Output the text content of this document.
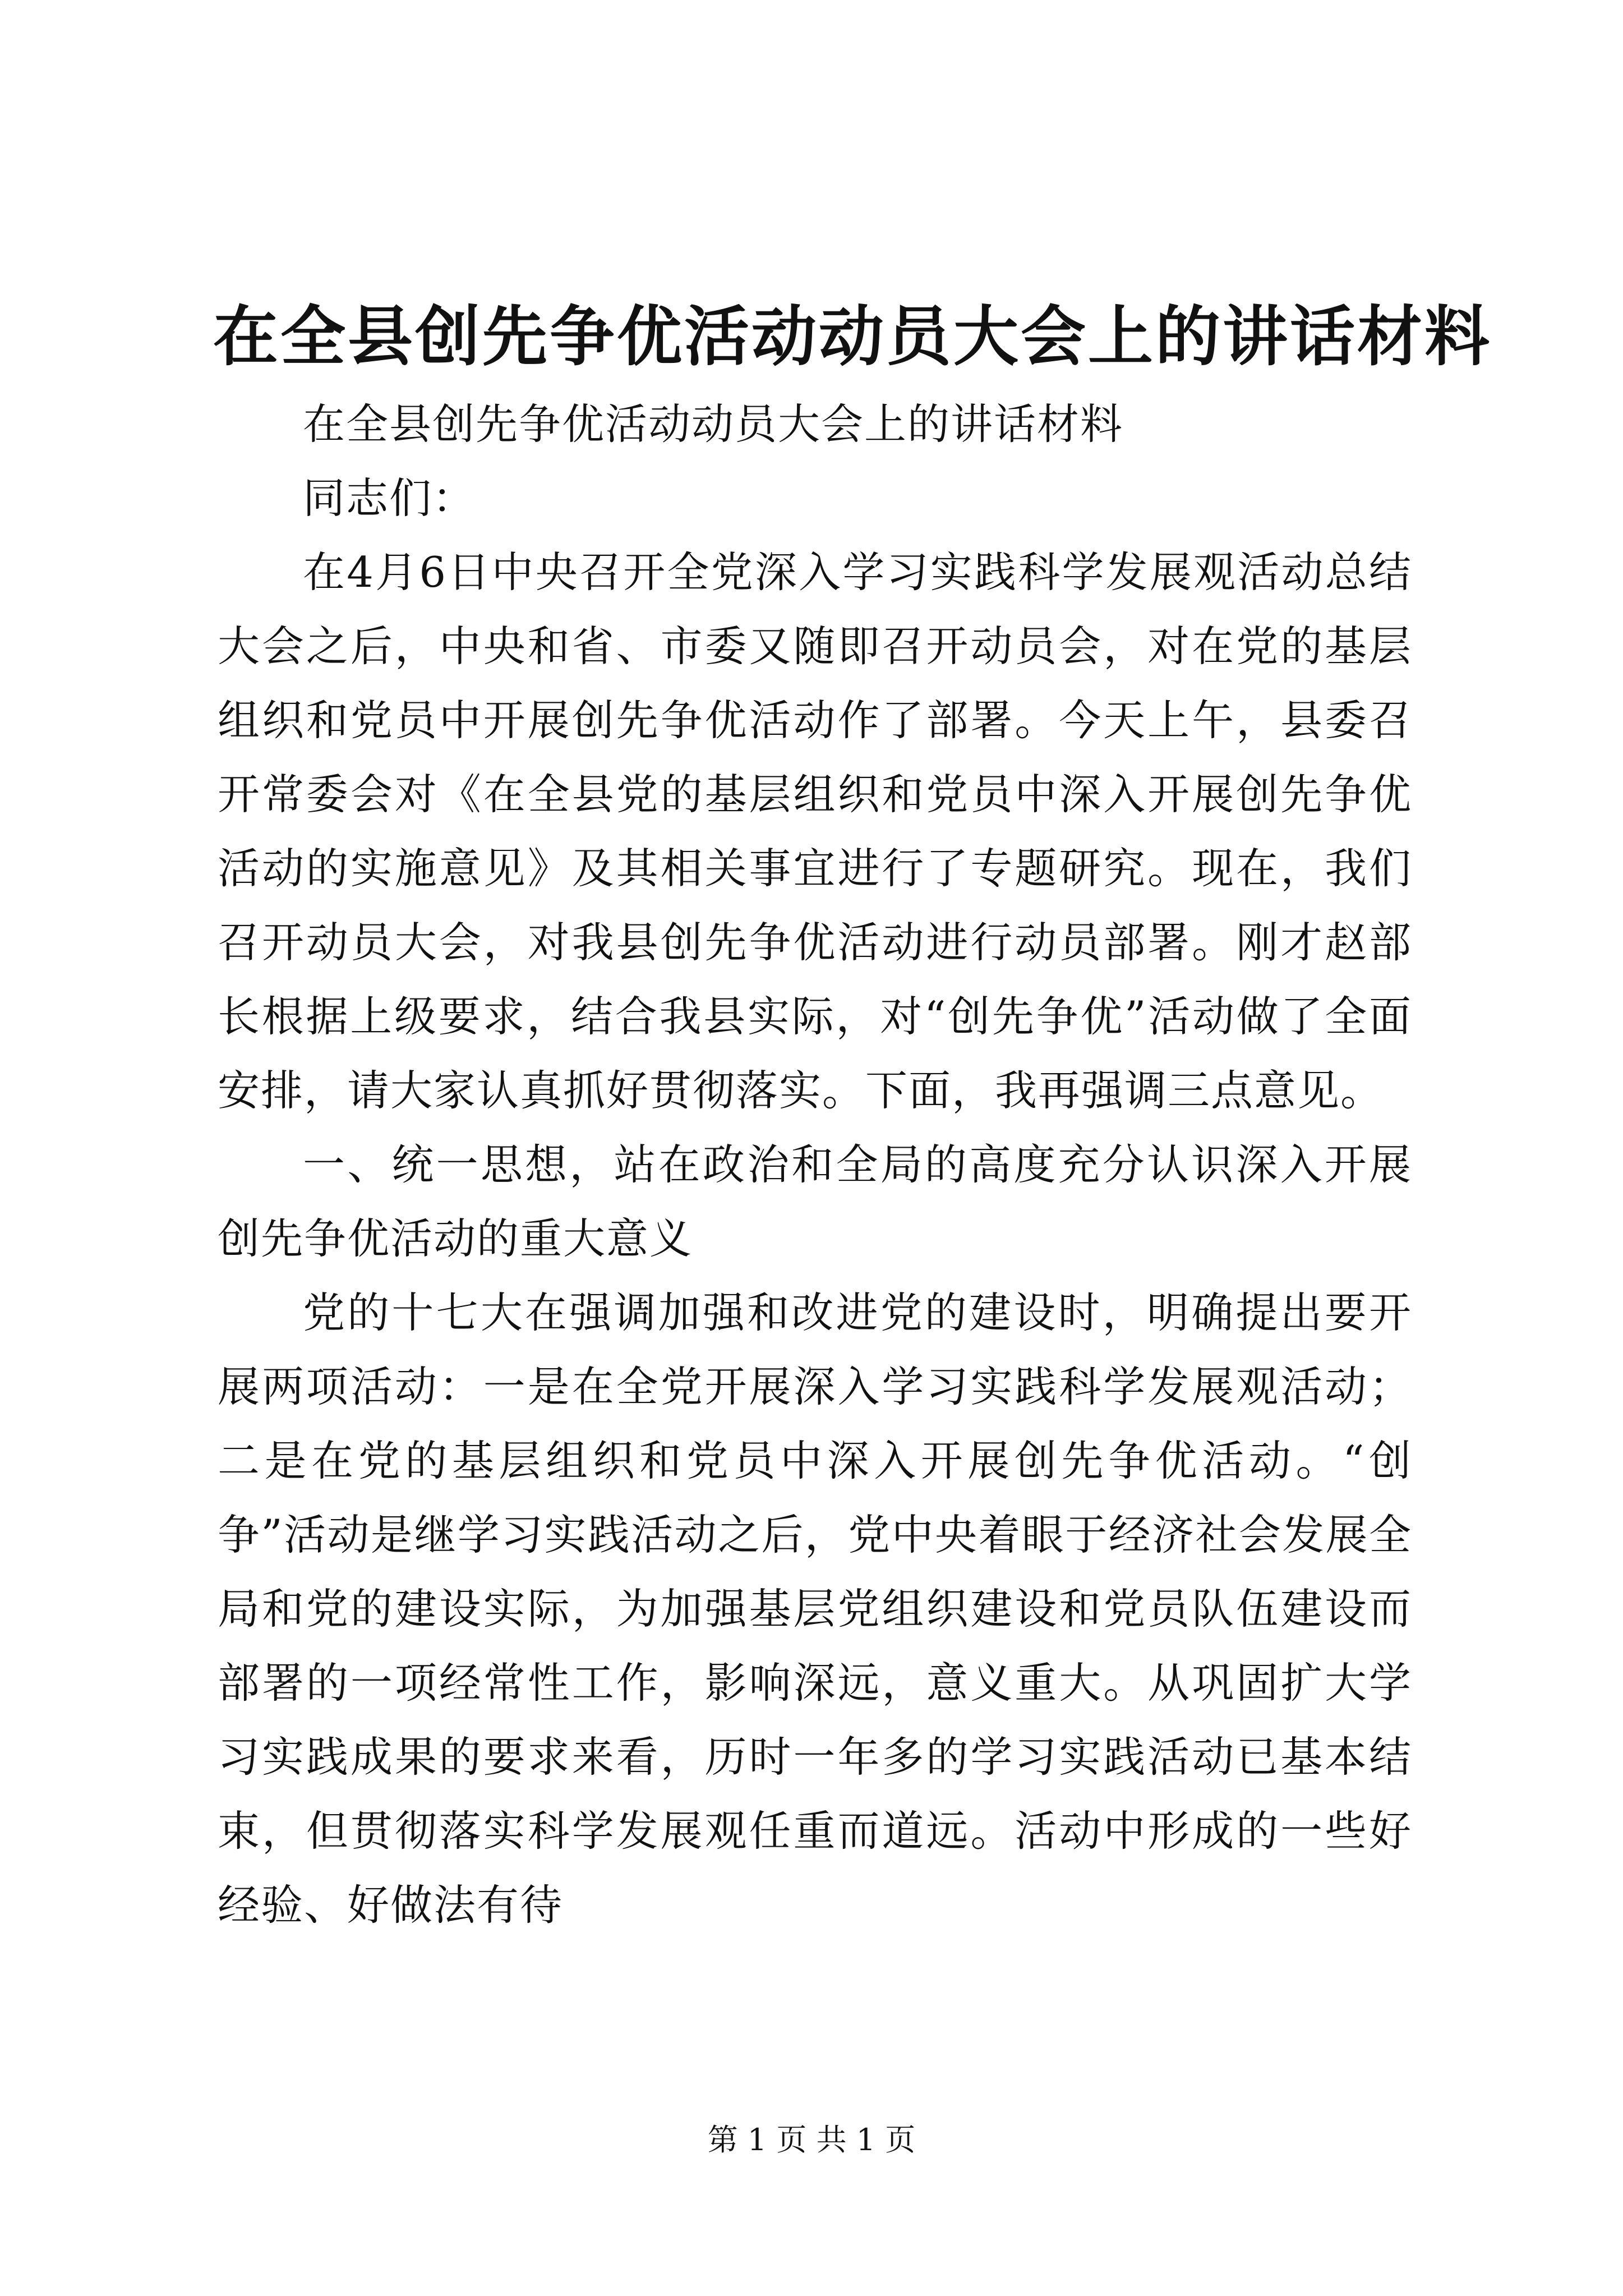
在全县创先争优活动动员大会上的讲话材料

在全县创先争优活动动员大会上的讲话材料

同志们：

在4月6日中央召开全党深入学习实践科学发展观活动总结大会之后，中央和省、市委又随即召开动员会，对在党的基层组织和党员中开展创先争优活动作了部署。今天上午，县委召开常委会对《在全县党的基层组织和党员中深入开展创先争优活动的实施意见》及其相关事宜进行了专题研究。现在，我们召开动员大会，对我县创先争优活动进行动员部署。刚才赵部长根据上级要求，结合我县实际，对“创先争优”活动做了全面安排，请大家认真抓好贯彻落实。下面，我再强调三点意见。

一、统一思想，站在政治和全局的高度充分认识深入开展创先争优活动的重大意义

党的十七大在强调加强和改进党的建设时，明确提出要开展两项活动：一是在全党开展深入学习实践科学发展观活动；二是在党的基层组织和党员中深入开展创先争优活动。“创争”活动是继学习实践活动之后，党中央着眼于经济社会发展全局和党的建设实际，为加强基层党组织建设和党员队伍建设而部署的一项经常性工作，影响深远，意义重大。从巩固扩大学习实践成果的要求来看，历时一年多的学习实践活动已基本结束，但贯彻落实科学发展观任重而道远。活动中形成的一些好经验、好做法有待

第 1 页 共 1 页
